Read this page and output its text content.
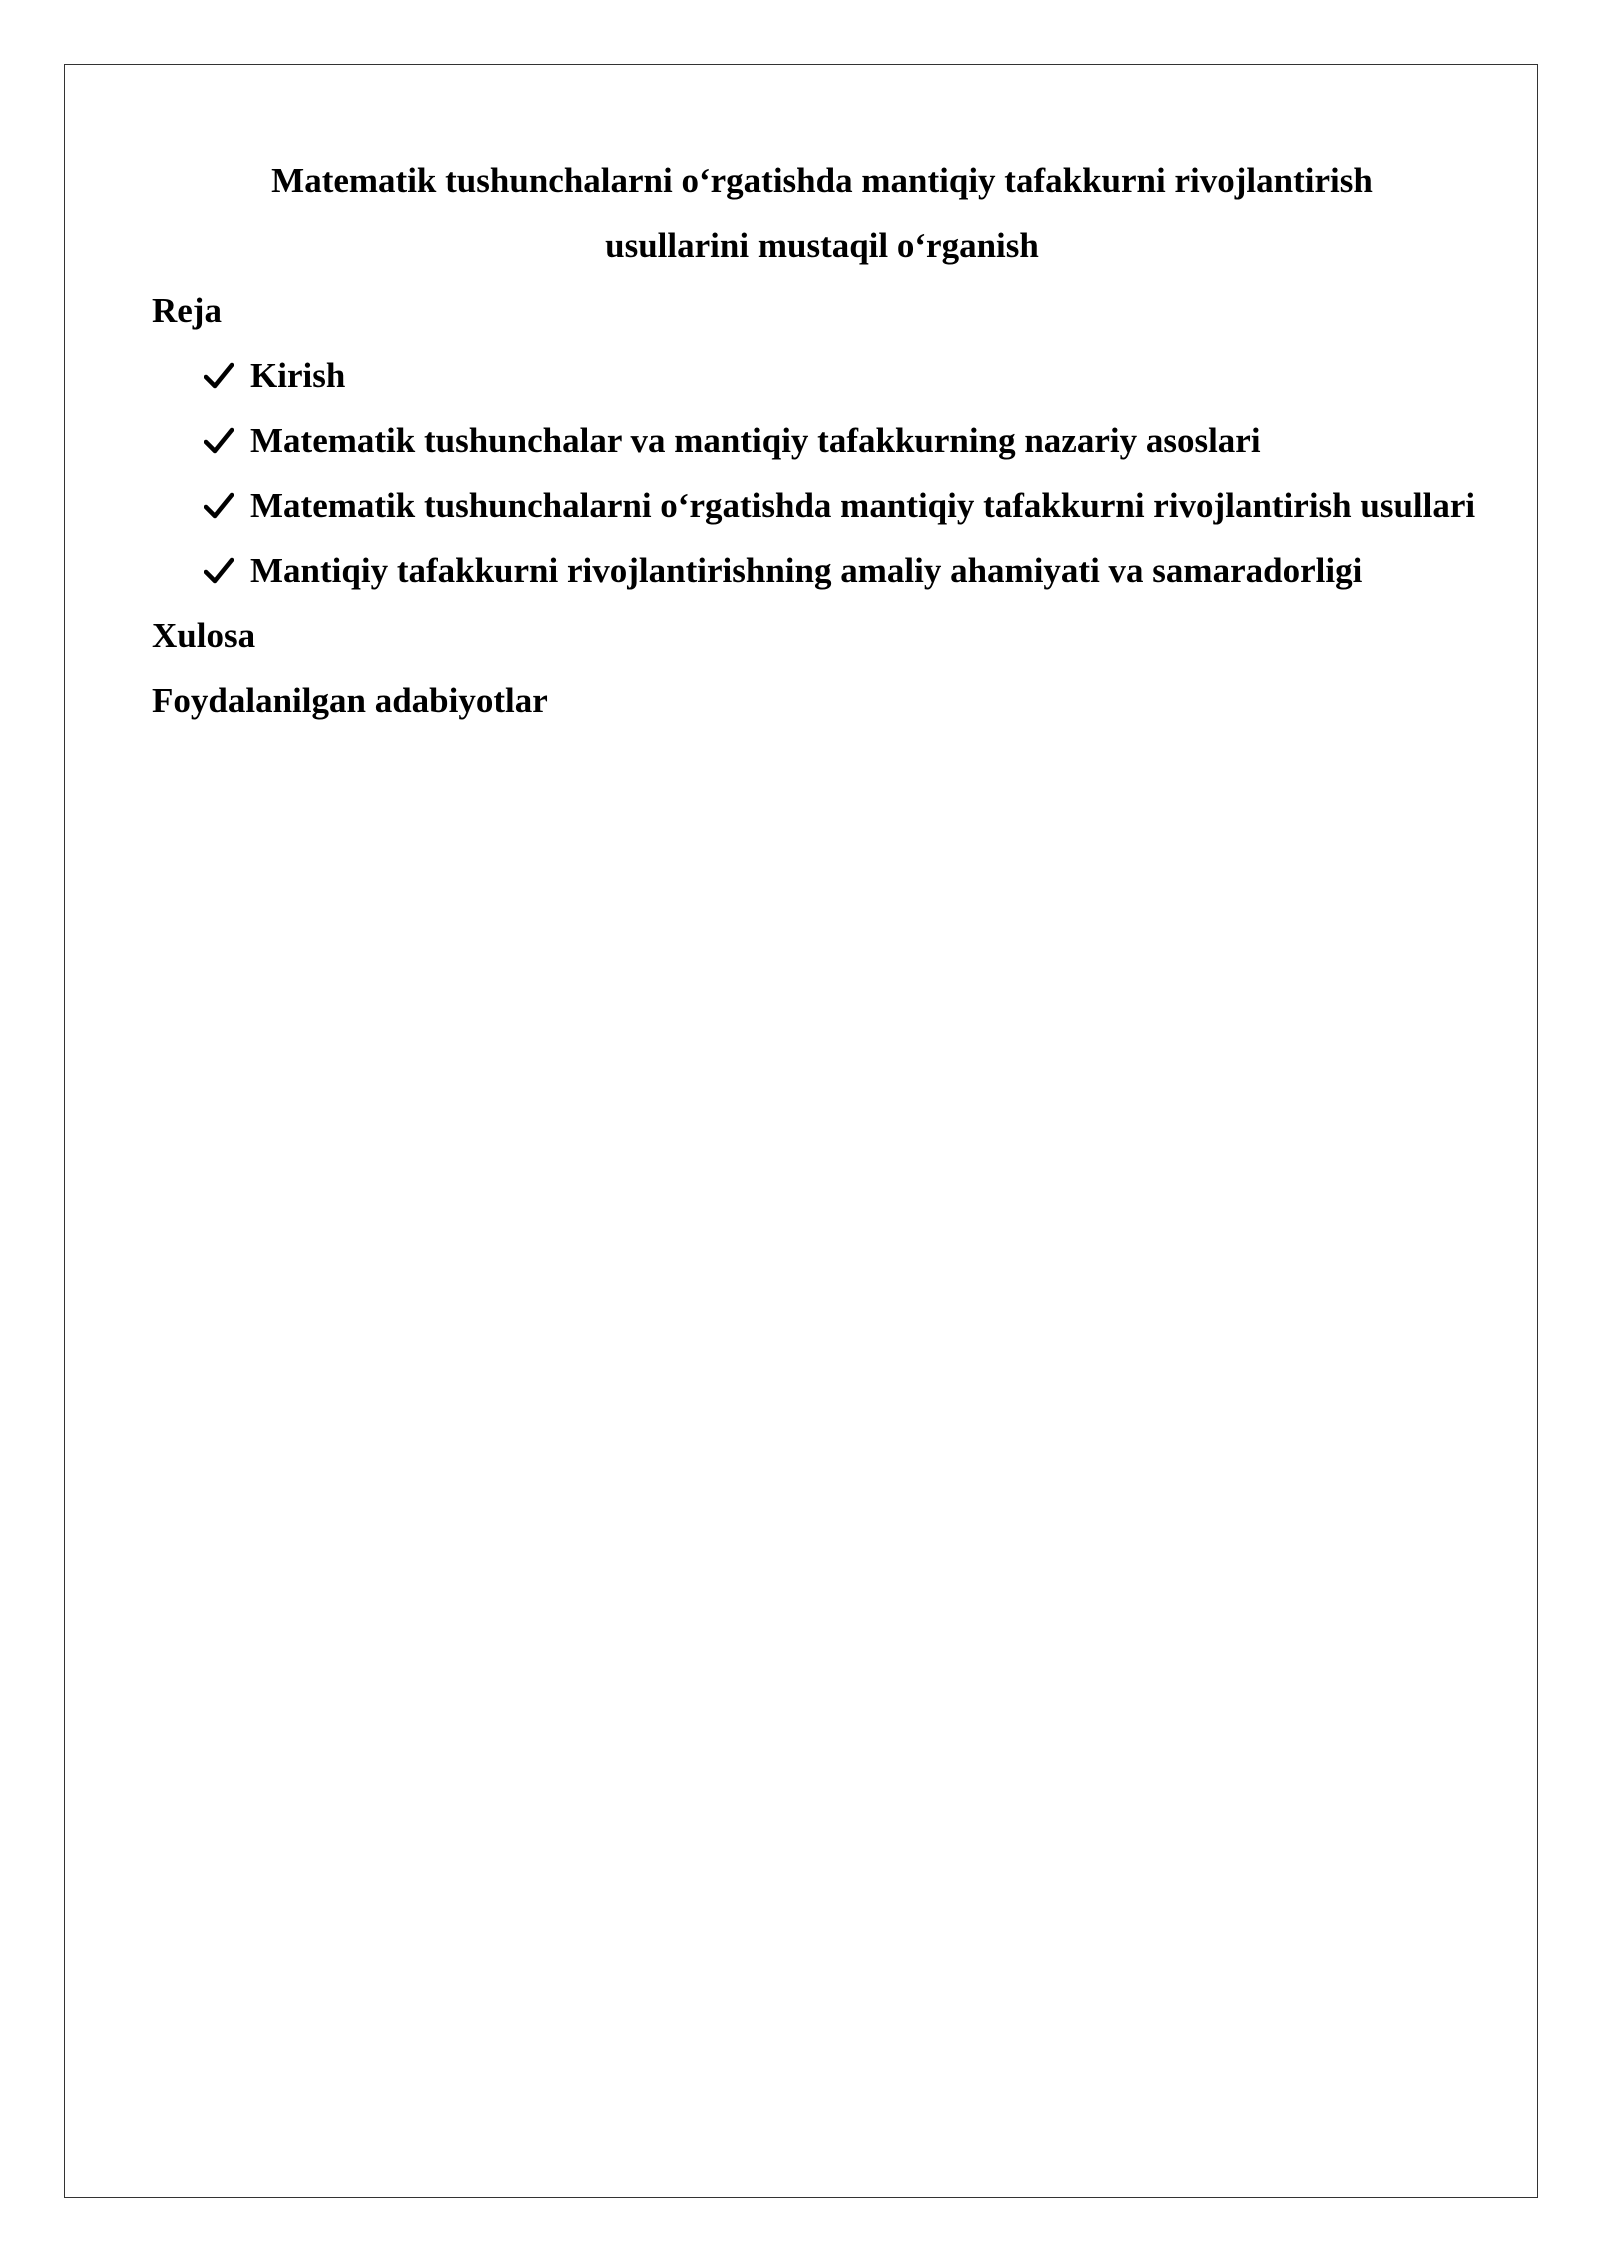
Matematik tushunchalarni o‘rgatishda mantiqiy tafakkurni rivojlantirish
usullarini mustaqil o‘rganish

Reja

Kirish
Matematik tushunchalar va mantiqiy tafakkurning nazariy asoslari
Matematik tushunchalarni o‘rgatishda mantiqiy tafakkurni rivojlantirish usullari
Mantiqiy tafakkurni rivojlantirishning amaliy ahamiyati va samaradorligi

Xulosa

Foydalanilgan adabiyotlar
